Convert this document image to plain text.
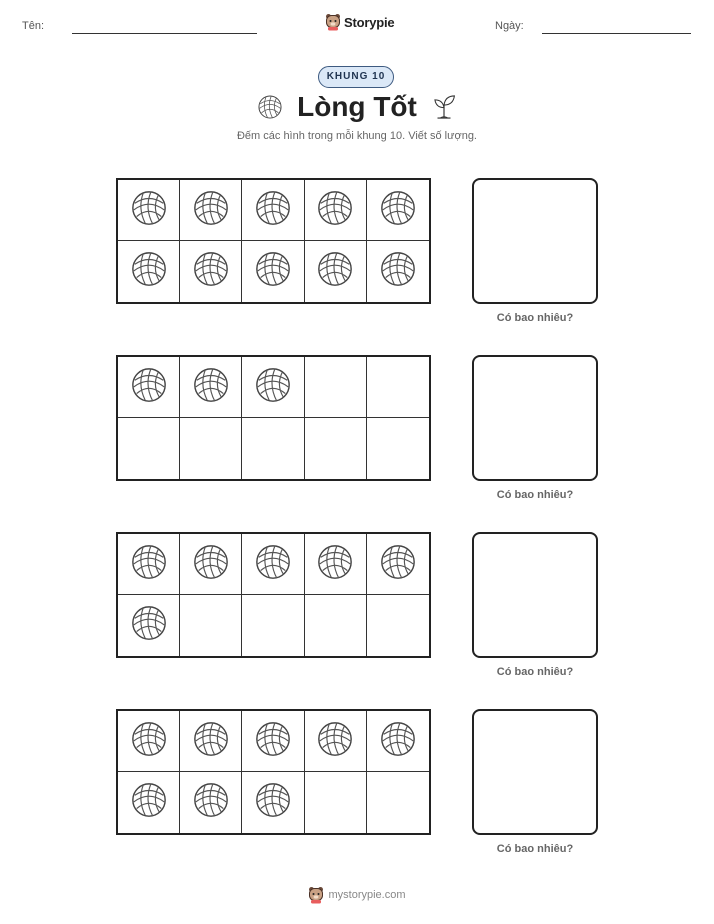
Tên:	Storypie	Ngày:
KHUNG 10
Lòng Tốt
Đếm các hình trong mỗi khung 10. Viết số lượng.
Có bao nhiêu?
Có bao nhiêu?
Có bao nhiêu?
Có bao nhiêu?
mystorypie.com
